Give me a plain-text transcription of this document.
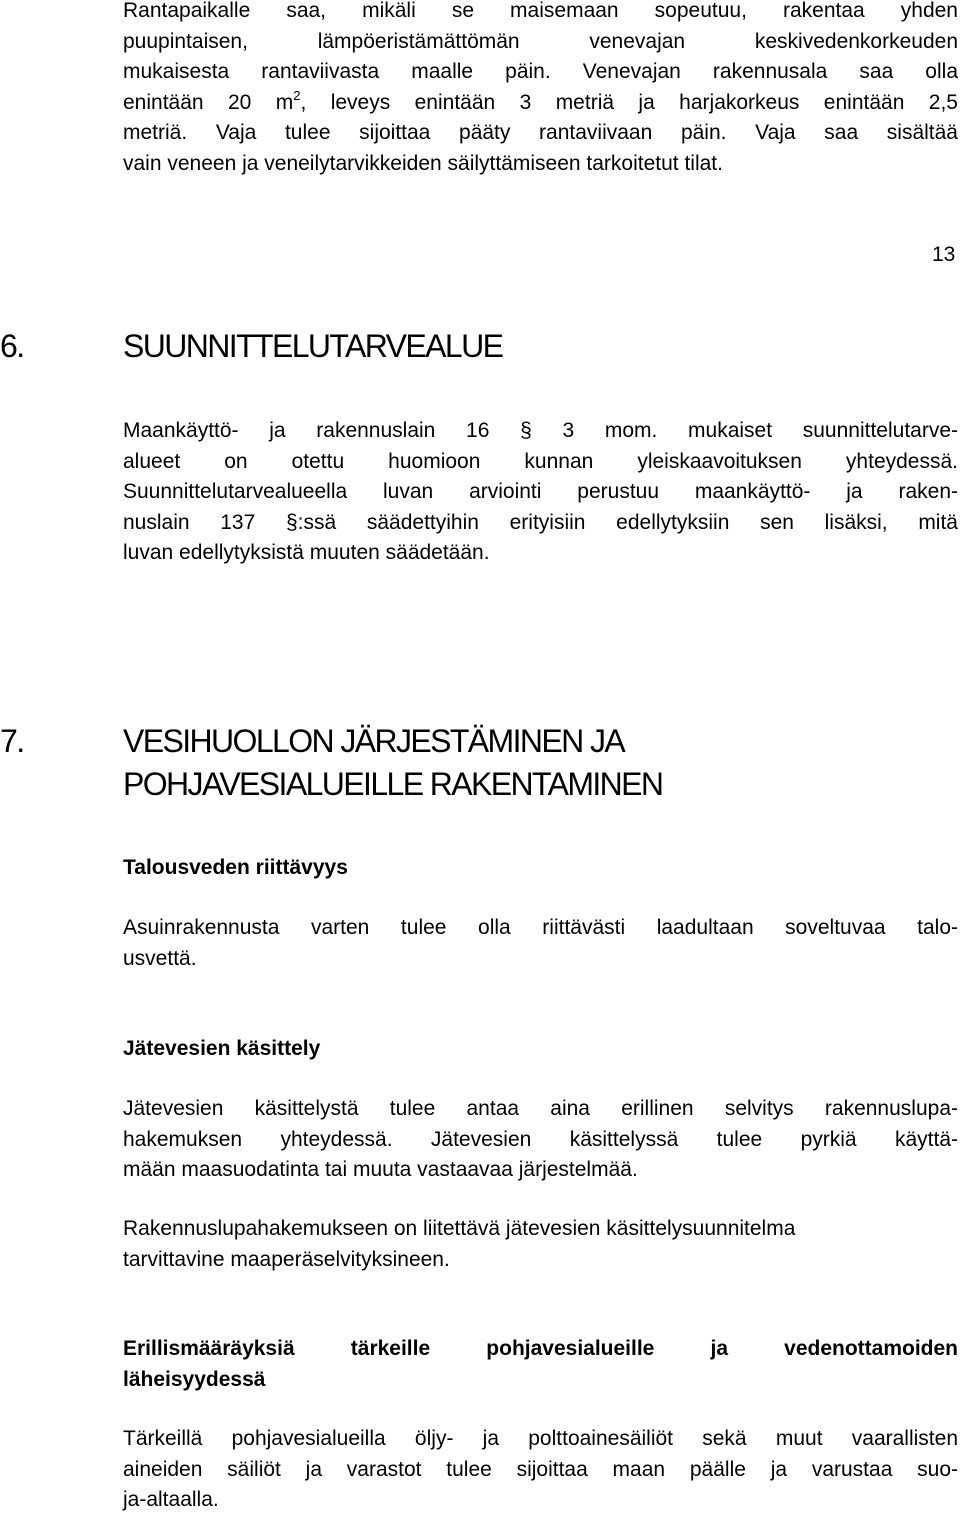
Rantapaikalle saa, mikäli se maisemaan sopeutuu, rakentaa yhden
puupintaisen, lämpöeristämättömän venevajan keskivedenkorkeuden
mukaisesta rantaviivasta maalle päin. Venevajan rakennusala saa olla
enintään 20 $m^2$, leveys enintään 3 metriä ja harjakorkeus enintään 2,5
metriä. Vaja tulee sijoittaa pääty rantaviivaan päin. Vaja saa sisältää
vain veneen ja veneilytarvikkeiden säilyttämiseen tarkoitetut tilat.
13
6.	SUUNNITTELUTARVEALUE
Maankäyttö- ja rakennuslain 16 § 3 mom. mukaiset suunnittelutarve-
alueet on otettu huomioon kunnan yleiskaavoituksen yhteydessä.
Suunnittelutarvealueella luvan arviointi perustuu maankäyttö- ja raken-
nuslain 137 §:ssä säädettyihin erityisiin edellytyksiin sen lisäksi, mitä
luvan edellytyksistä muuten säädetään.
7.	VESIHUOLLON JÄRJESTÄMINEN JA
POHJAVESIALUEILLE RAKENTAMINEN
Talousveden riittävyys
Asuinrakennusta varten tulee olla riittävästi laadultaan soveltuvaa talo-
usvettä.
Jätevesien käsittely
Jätevesien käsittelystä tulee antaa aina erillinen selvitys rakennuslupa-
hakemuksen yhteydessä. Jätevesien käsittelyssä tulee pyrkiä käyttä-
mään maasuodatinta tai muuta vastaavaa järjestelmää.
Rakennuslupahakemukseen on liitettävä jätevesien käsittelysuunnitelma
tarvittavine maaperäselvityksineen.
Erillismääräyksiä tärkeille pohjavesialueille ja vedenottamoiden
läheisyydessä
Tärkeillä pohjavesialueilla öljy- ja polttoainesäiliöt sekä muut vaarallisten
aineiden säiliöt ja varastot tulee sijoittaa maan päälle ja varustaa suo-
ja-altaalla.
